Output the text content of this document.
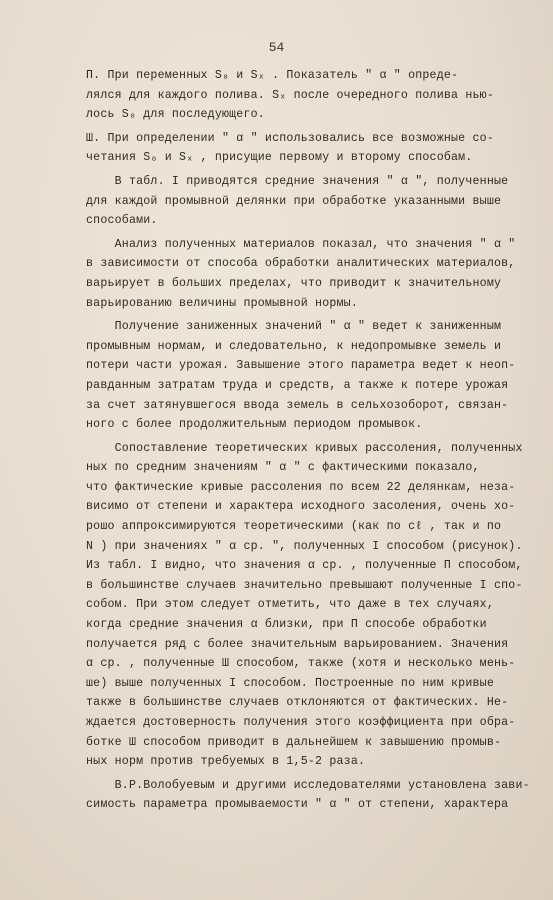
54
П. При переменных S₀ и Sₓ . Показатель " α " опреде-
лялся для каждого полива. Sₓ после очередного полива нью-
лось S₀ для последующего.
Ш. При определении " α " использовались все возможные со-
четания S₀ и Sₓ , присущие первому и второму способам.
В табл. I приводятся средние значения " α ", полученные
для каждой промывной делянки при обработке указанными выше
способами.
Анализ полученных материалов показал, что значения " α "
в зависимости от способа обработки аналитических материалов,
варьирует в больших пределах, что приводит к значительному
варьированию величины промывной нормы.
Получение заниженных значений " α " ведет к заниженным
промывным нормам, и следовательно, к недопромывке земель и
потери части урожая. Завышение этого параметра ведет к неоп-
равданным затратам труда и средств, а также к потере урожая
за счет затянувшегося ввода земель в сельхозоборот, связан-
ного с более продолжительным периодом промывок.
Сопоставление теоретических кривых рассоления, полученных
ных по средним значениям " α " с фактическими показало,
что фактические кривые рассоления по всем 22 делянкам, неза-
висимо от степени и характера исходного засоления, очень хо-
рошо аппроксимируются теоретическими (как по cℓ , так и по
N ) при значениях " α ср. ", полученных I способом (рисунок).
Из табл. I видно, что значения α ср. , полученные П способом,
в большинстве случаев значительно превышают полученные I спо-
собом. При этом следует отметить, что даже в тех случаях,
когда средние значения α близки, при П способе обработки
получается ряд с более значительным варьированием. Значения
α ср. , полученные Ш способом, также (хотя и несколько мень-
ше) выше полученных I способом. Построенные по ним кривые
также в большинстве случаев отклоняются от фактических. Не-
ждается достоверность получения этого коэффициента при обра-
ботке Ш способом приводит в дальнейшем к завышению промыв-
ных норм против требуемых в 1,5-2 раза.
В.Р.Волобуевым и другими исследователями установлена зави-
симость параметра промываемости " α " от степени, характера
